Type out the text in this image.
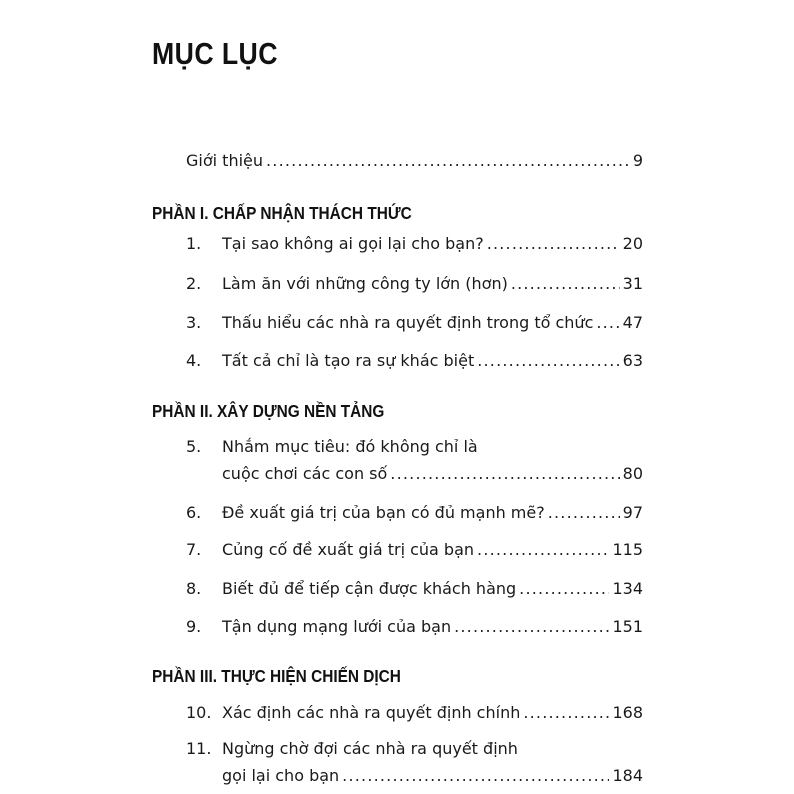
MỤC LỤC
Giới thiệu .....	9
PHẦN I. CHẤP NHẬN THÁCH THỨC
1. Tại sao không ai gọi lại cho bạn? .....	20
2. Làm ăn với những công ty lớn (hơn) .....	31
3. Thấu hiểu các nhà ra quyết định trong tổ chức ..... 47
4. Tất cả chỉ là tạo ra sự khác biệt .....	63
PHẦN II. XÂY DỰNG NỀN TẢNG
5. Nhắm mục tiêu: đó không chỉ là
cuộc chơi các con số .....	80
6. Đề xuất giá trị của bạn có đủ mạnh mẽ? .....	97
7. Củng cố đề xuất giá trị của bạn .....	115
8. Biết đủ để tiếp cận được khách hàng .....	134
9. Tận dụng mạng lưới của bạn .....	151
PHẦN III. THỰC HIỆN CHIẾN DỊCH
10. Xác định các nhà ra quyết định chính .....	168
11. Ngừng chờ đợi các nhà ra quyết định
gọi lại cho bạn .....	184
